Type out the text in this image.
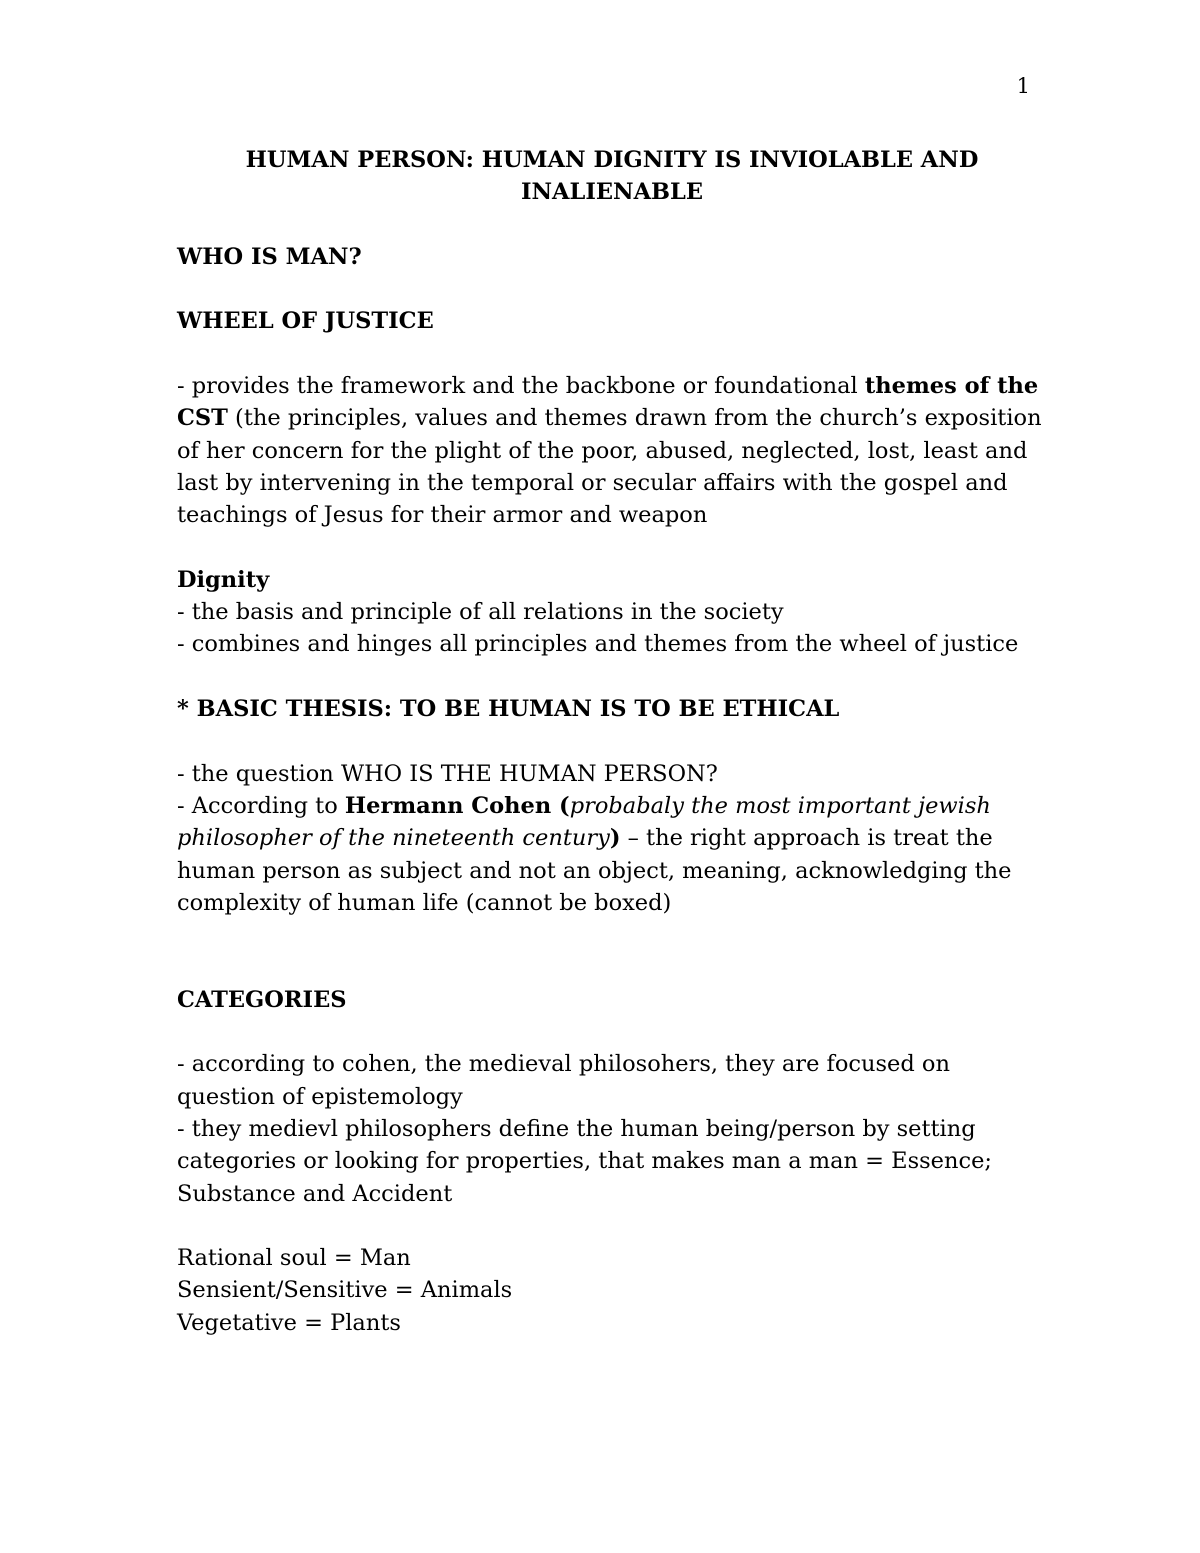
1

HUMAN PERSON: HUMAN DIGNITY IS INVIOLABLE AND
INALIENABLE

WHO IS MAN?

WHEEL OF JUSTICE

- provides the framework and the backbone or foundational themes of the CST (the principles, values and themes drawn from the church’s exposition of her concern for the plight of the poor, abused, neglected, lost, least and last by intervening in the temporal or secular affairs with the gospel and teachings of Jesus for their armor and weapon

Dignity

- the basis and principle of all relations in the society

- combines and hinges all principles and themes from the wheel of justice

* BASIC THESIS: TO BE HUMAN IS TO BE ETHICAL

- the question WHO IS THE HUMAN PERSON?

- According to Hermann Cohen (probabaly the most important jewish philosopher of the nineteenth century) – the right approach is treat the human person as subject and not an object, meaning, acknowledging the complexity of human life (cannot be boxed)

CATEGORIES

- according to cohen, the medieval philosohers, they are focused on question of epistemology

- they medievl philosophers define the human being/person by setting categories or looking for properties, that makes man a man = Essence; Substance and Accident

Rational soul = Man

Sensient/Sensitive = Animals

Vegetative = Plants
